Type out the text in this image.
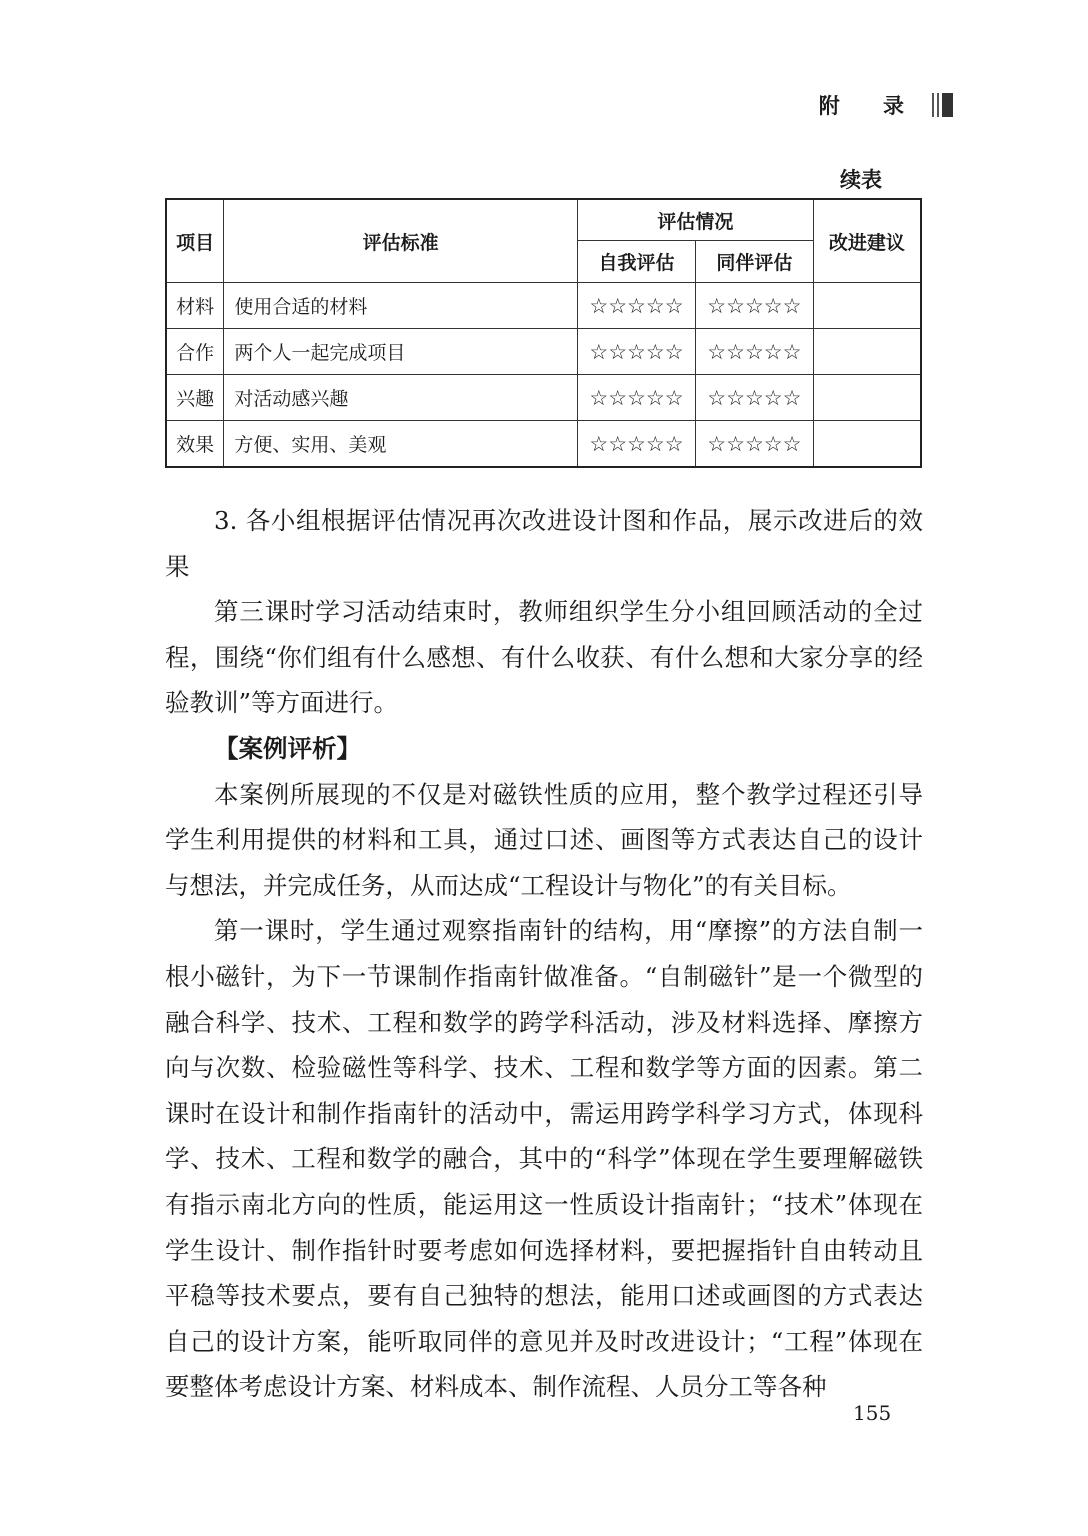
附 录
续表
项目	评估标准	评估情况		改进建议
		自我评估	同伴评估	
材料	使用合适的材料	☆☆☆☆☆	☆☆☆☆☆	
合作	两个人一起完成项目	☆☆☆☆☆	☆☆☆☆☆	
兴趣	对活动感兴趣	☆☆☆☆☆	☆☆☆☆☆	
效果	方便、实用、美观	☆☆☆☆☆	☆☆☆☆☆	

3. 各小组根据评估情况再次改进设计图和作品，展示改进后的效果

第三课时学习活动结束时，教师组织学生分小组回顾活动的全过程，围绕“你们组有什么感想、有什么收获、有什么想和大家分享的经验教训”等方面进行。

【案例评析】

本案例所展现的不仅是对磁铁性质的应用，整个教学过程还引导学生利用提供的材料和工具，通过口述、画图等方式表达自己的设计与想法，并完成任务，从而达成“工程设计与物化”的有关目标。

第一课时，学生通过观察指南针的结构，用“摩擦”的方法自制一根小磁针，为下一节课制作指南针做准备。“自制磁针”是一个微型的融合科学、技术、工程和数学的跨学科活动，涉及材料选择、摩擦方向与次数、检验磁性等科学、技术、工程和数学等方面的因素。第二课时在设计和制作指南针的活动中，需运用跨学科学习方式，体现科学、技术、工程和数学的融合，其中的“科学”体现在学生要理解磁铁有指示南北方向的性质，能运用这一性质设计指南针；“技术”体现在学生设计、制作指针时要考虑如何选择材料，要把握指针自由转动且平稳等技术要点，要有自己独特的想法，能用口述或画图的方式表达自己的设计方案，能听取同伴的意见并及时改进设计；“工程”体现在要整体考虑设计方案、材料成本、制作流程、人员分工等各种

155
